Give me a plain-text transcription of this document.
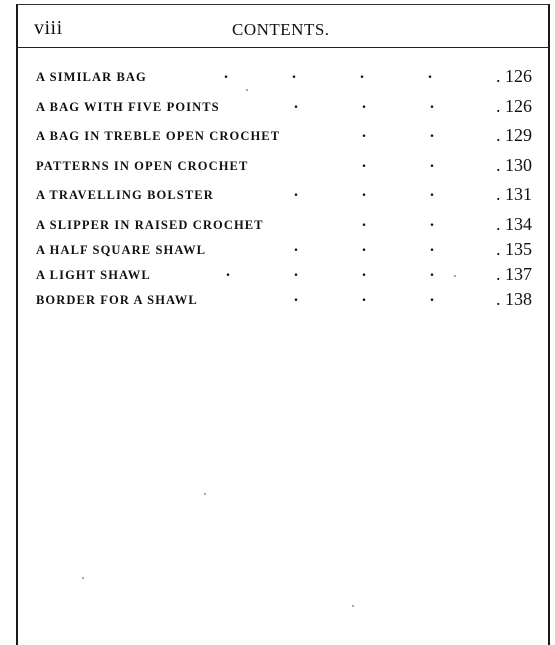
viii	CONTENTS.
A SIMILAR BAG	.	.	.	.	. 126
A BAG WITH FIVE POINTS	.	.	.	. 126
A BAG IN TREBLE OPEN CROCHET	.	.	. 129
PATTERNS IN OPEN CROCHET	.	.	. 130
A TRAVELLING BOLSTER	.	.	.	. 131
A SLIPPER IN RAISED CROCHET	.	.	. 134
A HALF SQUARE SHAWL	.	.	.	. 135
A LIGHT SHAWL	.	.	.	.	. 137
BORDER FOR A SHAWL	.	.	.	. 138
